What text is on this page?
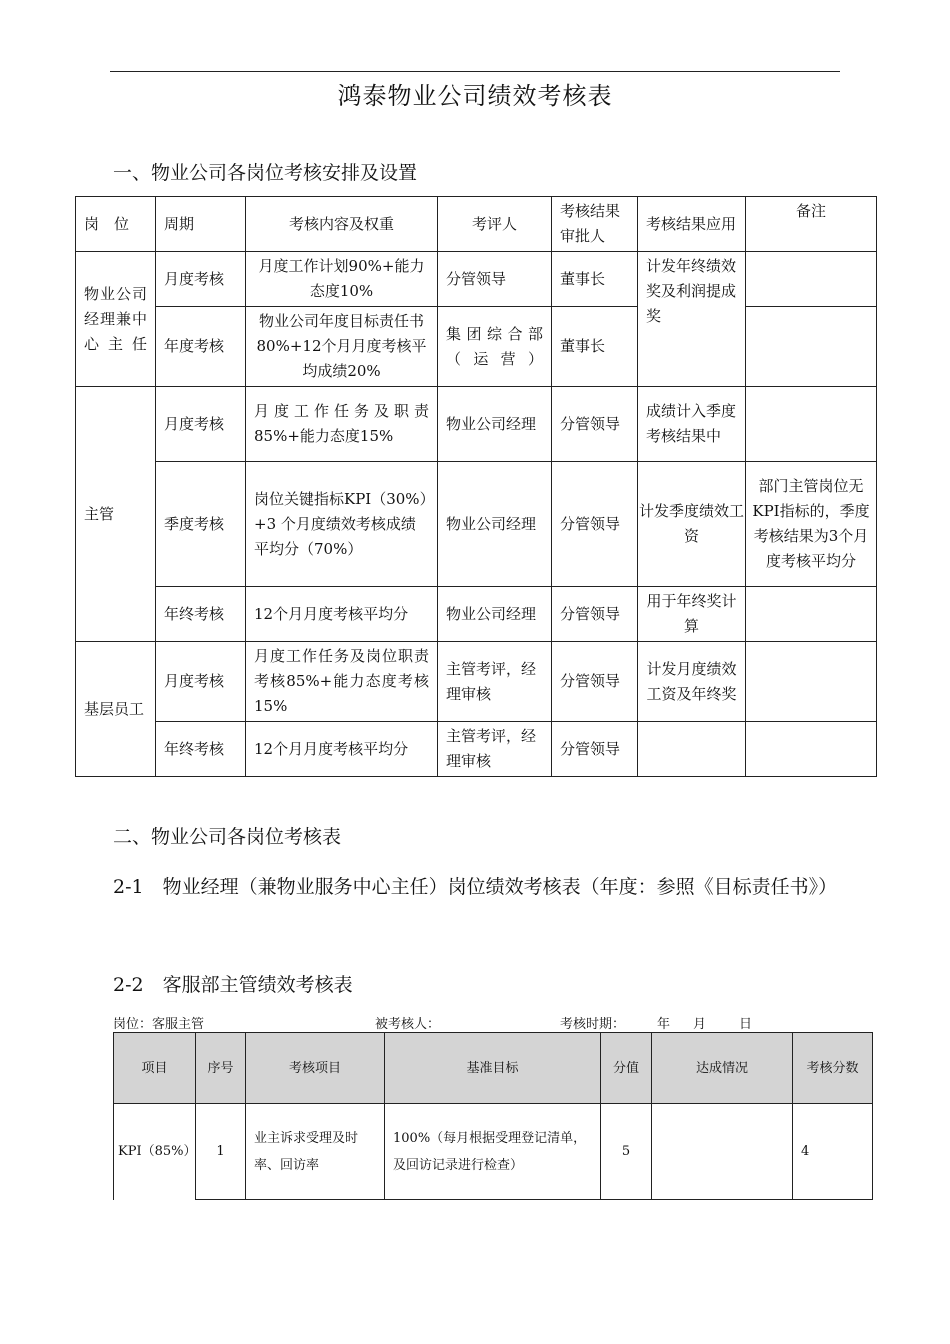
鸿泰物业公司绩效考核表
一、物业公司各岗位考核安排及设置
岗　位	周期	考核内容及权重	考评人	考核结果审批人	考核结果应用	备注
物业公司经理兼中心主任	月度考核	月度工作计划90%+能力 态度10%	分管领导	董事长	计发年终绩效奖及利润提成奖	
	年度考核	物业公司年度目标责任书80%+12个月月度考核平均成绩20%	集团综合部（运营）	董事长		
主管	月度考核	月度工作任务及职责85%+能力态度15%	物业公司经理	分管领导	成绩计入季度考核结果中	
	季度考核	岗位关键指标KPI（30%）+3 个月度绩效考核成绩平均分（70%）	物业公司经理	分管领导	计发季度绩效工资	部门主管岗位无KPI指标的，季度考核结果为3个月度考核平均分
	年终考核	12个月月度考核平均分	物业公司经理	分管领导	用于年终奖计算	
基层员工	月度考核	月度工作任务及岗位职责考核85%+能力态度考核15%	主管考评，经理审核	分管领导	计发月度绩效工资及年终奖	
	年终考核	12个月月度考核平均分	主管考评，经理审核	分管领导		
二、物业公司各岗位考核表
2-1　物业经理（兼物业服务中心主任）岗位绩效考核表（年度：参照《目标责任书》）
2-2　客服部主管绩效考核表
岗位：客服主管	被考核人：	考核时期： 年 月	日
项目	序号	考核项目	基准目标	分值	达成情况	考核分数
KPI（85%）	1	业主诉求受理及时率、回访率	100%（每月根据受理登记清单，及回访记录进行检查）	5		4
